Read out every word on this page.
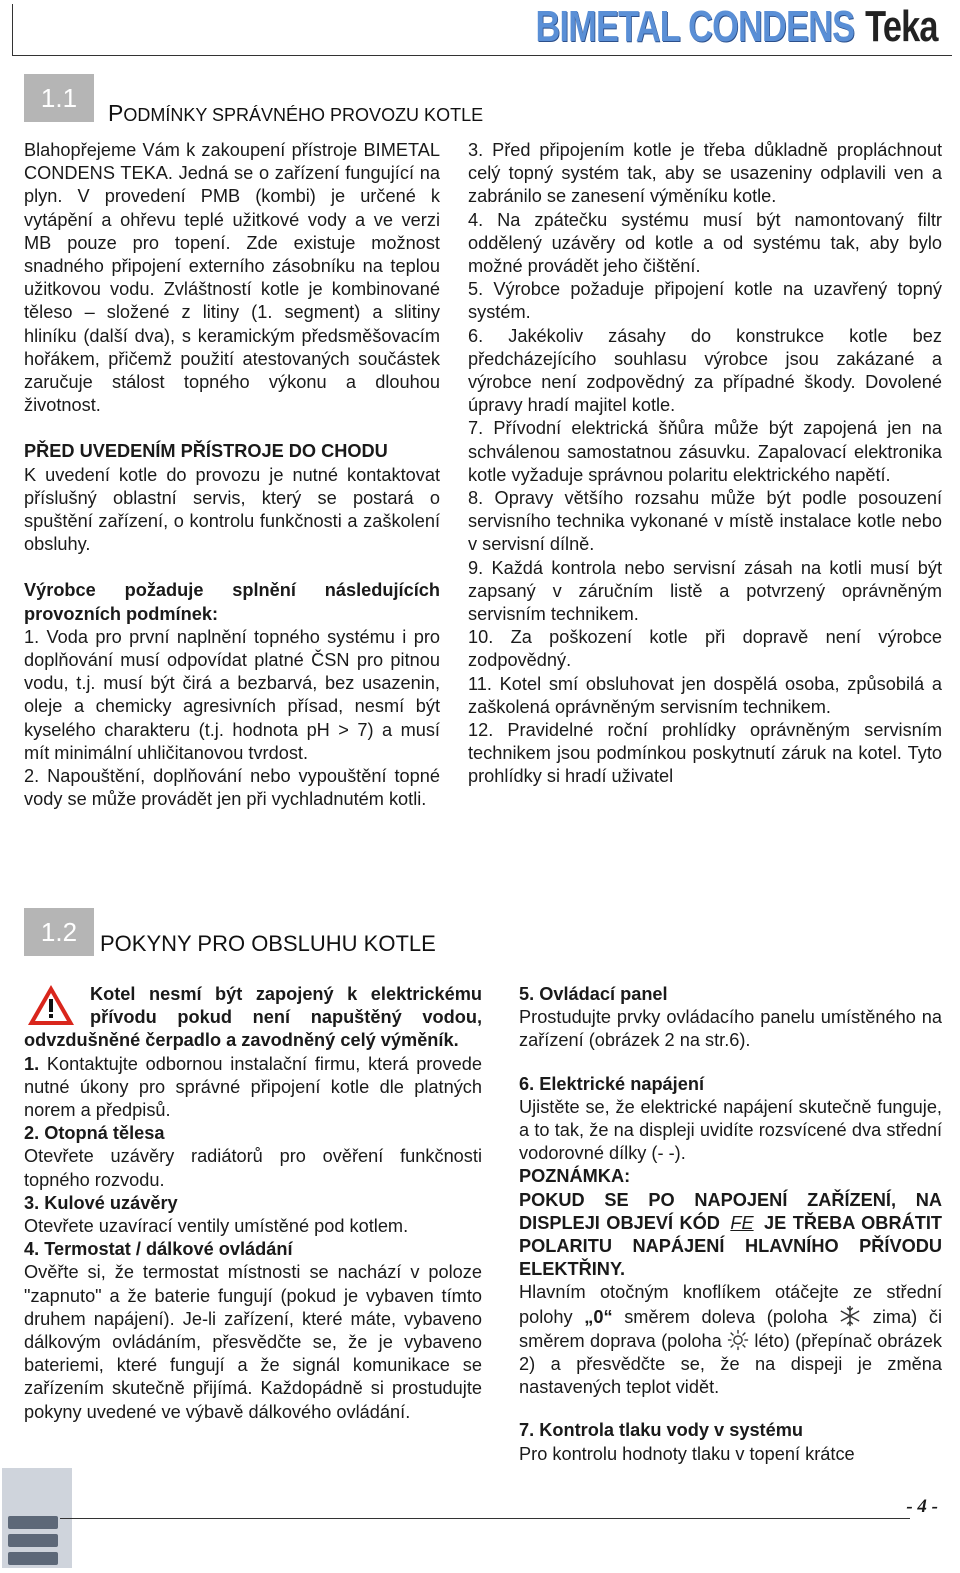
BIMETAL CONDENS Teka
1.1
PODMÍNKY SPRÁVNÉHO PROVOZU KOTLE

Blahopřejeme Vám k zakoupení přístroje BIMETAL CONDENS TEKA. Jedná se o zařízení fungující na plyn. V provedení PMB (kombi) je určené k vytápění a ohřevu teplé užitkové vody a ve verzi MB pouze pro topení. Zde existuje možnost snadného připojení externího zásobníku na teplou užitkovou vodu. Zvláštností kotle je kombinované těleso – složené z litiny (1. segment) a slitiny hliníku (další dva), s keramickým předsměšovacím hořákem, přičemž použití atestovaných součástek zaručuje stálost topného výkonu a dlouhou životnost.

PŘED UVEDENÍM PŘÍSTROJE DO CHODU

K uvedení kotle do provozu je nutné kontaktovat příslušný oblastní servis, který se postará o spuštění zařízení, o kontrolu funkčnosti a zaškolení obsluhy.

Výrobce požaduje splnění následujících provozních podmínek:

1. Voda pro první naplnění topného systému i pro doplňování musí odpovídat platné ČSN pro pitnou vodu, t.j. musí být čirá a bezbarvá, bez usazenin, oleje a chemicky agresivních přísad, nesmí být kyselého charakteru (t.j. hodnota pH > 7) a musí mít minimální uhličitanovou tvrdost.

2. Napouštění, doplňování nebo vypouštění topné vody se může provádět jen při vychladnutém kotli.

3. Před připojením kotle je třeba důkladně propláchnout celý topný systém tak, aby se usazeniny odplavili ven a zabránilo se zanesení výměníku kotle.

4. Na zpátečku systému musí být namontovaný filtr oddělený uzávěry od kotle a od systému tak, aby bylo možné provádět jeho čištění.

5. Výrobce požaduje připojení kotle na uzavřený topný systém.

6. Jakékoliv zásahy do konstrukce kotle bez předcházejícího souhlasu výrobce jsou zakázané a výrobce není zodpovědný za případné škody. Dovolené úpravy hradí majitel kotle.

7. Přívodní elektrická šňůra může být zapojená jen na schválenou samostatnou zásuvku. Zapalovací elektronika kotle vyžaduje správnou polaritu elektrického napětí.

8. Opravy většího rozsahu může být podle posouzení servisního technika vykonané v místě instalace kotle nebo v servisní dílně.

9. Každá kontrola nebo servisní zásah na kotli musí být zapsaný v záručním listě a potvrzený oprávněným servisním technikem.

10. Za poškození kotle při dopravě není výrobce zodpovědný.

11. Kotel smí obsluhovat jen dospělá osoba, způsobilá a zaškolená oprávněným servisním technikem.

12. Pravidelné roční prohlídky oprávněným servisním technikem jsou podmínkou poskytnutí záruk na kotel. Tyto prohlídky si hradí uživatel

1.2	POKYNY PRO OBSLUHU KOTLE

Kotel nesmí být zapojený k elektrickému přívodu pokud není napuštěný vodou, odvzdušněné čerpadlo a zavodněný celý výměník.

1. Kontaktujte odbornou instalační firmu, která provede nutné úkony pro správné připojení kotle dle platných norem a předpisů.

2. Otopná tělesa

Otevřete uzávěry radiátorů pro ověření funkčnosti topného rozvodu.

3. Kulové uzávěry

Otevřete uzavírací ventily umístěné pod kotlem.

4. Termostat / dálkové ovládání

Ověřte si, že termostat místnosti se nachází v poloze "zapnuto" a že baterie fungují (pokud je vybaven tímto druhem napájení). Je-li zařízení, které máte, vybaveno dálkovým ovládáním, přesvědčte se, že je vybaveno bateriemi, které fungují a že signál komunikace se zařízením skutečně přijímá. Každopádně si prostudujte pokyny uvedené ve výbavě dálkového ovládání.

5. Ovládací panel

Prostudujte prvky ovládacího panelu umístěného na zařízení (obrázek 2 na str.6).

6. Elektrické napájení

Ujistěte se, že elektrické napájení skutečně funguje, a to tak, že na displeji uvidíte rozsvícené dva střední vodorovné dílky (- -).

POZNÁMKA:

POKUD SE PO NAPOJENÍ ZAŘÍZENÍ, NA DISPLEJI OBJEVÍ KÓD FE JE TŘEBA OBRÁTIT POLARITU NAPÁJENÍ HLAVNÍHO PŘÍVODU ELEKTŘINY.

Hlavním otočným knoflíkem otáčejte ze střední polohy „0“ směrem doleva (poloha  zima) či směrem doprava (poloha  léto) (přepínač obrázek 2) a přesvědčte se, že na dispeji je změna nastavených teplot vidět.

7. Kontrola tlaku vody v systému

Pro kontrolu hodnoty tlaku v topení krátce

- 4 -
